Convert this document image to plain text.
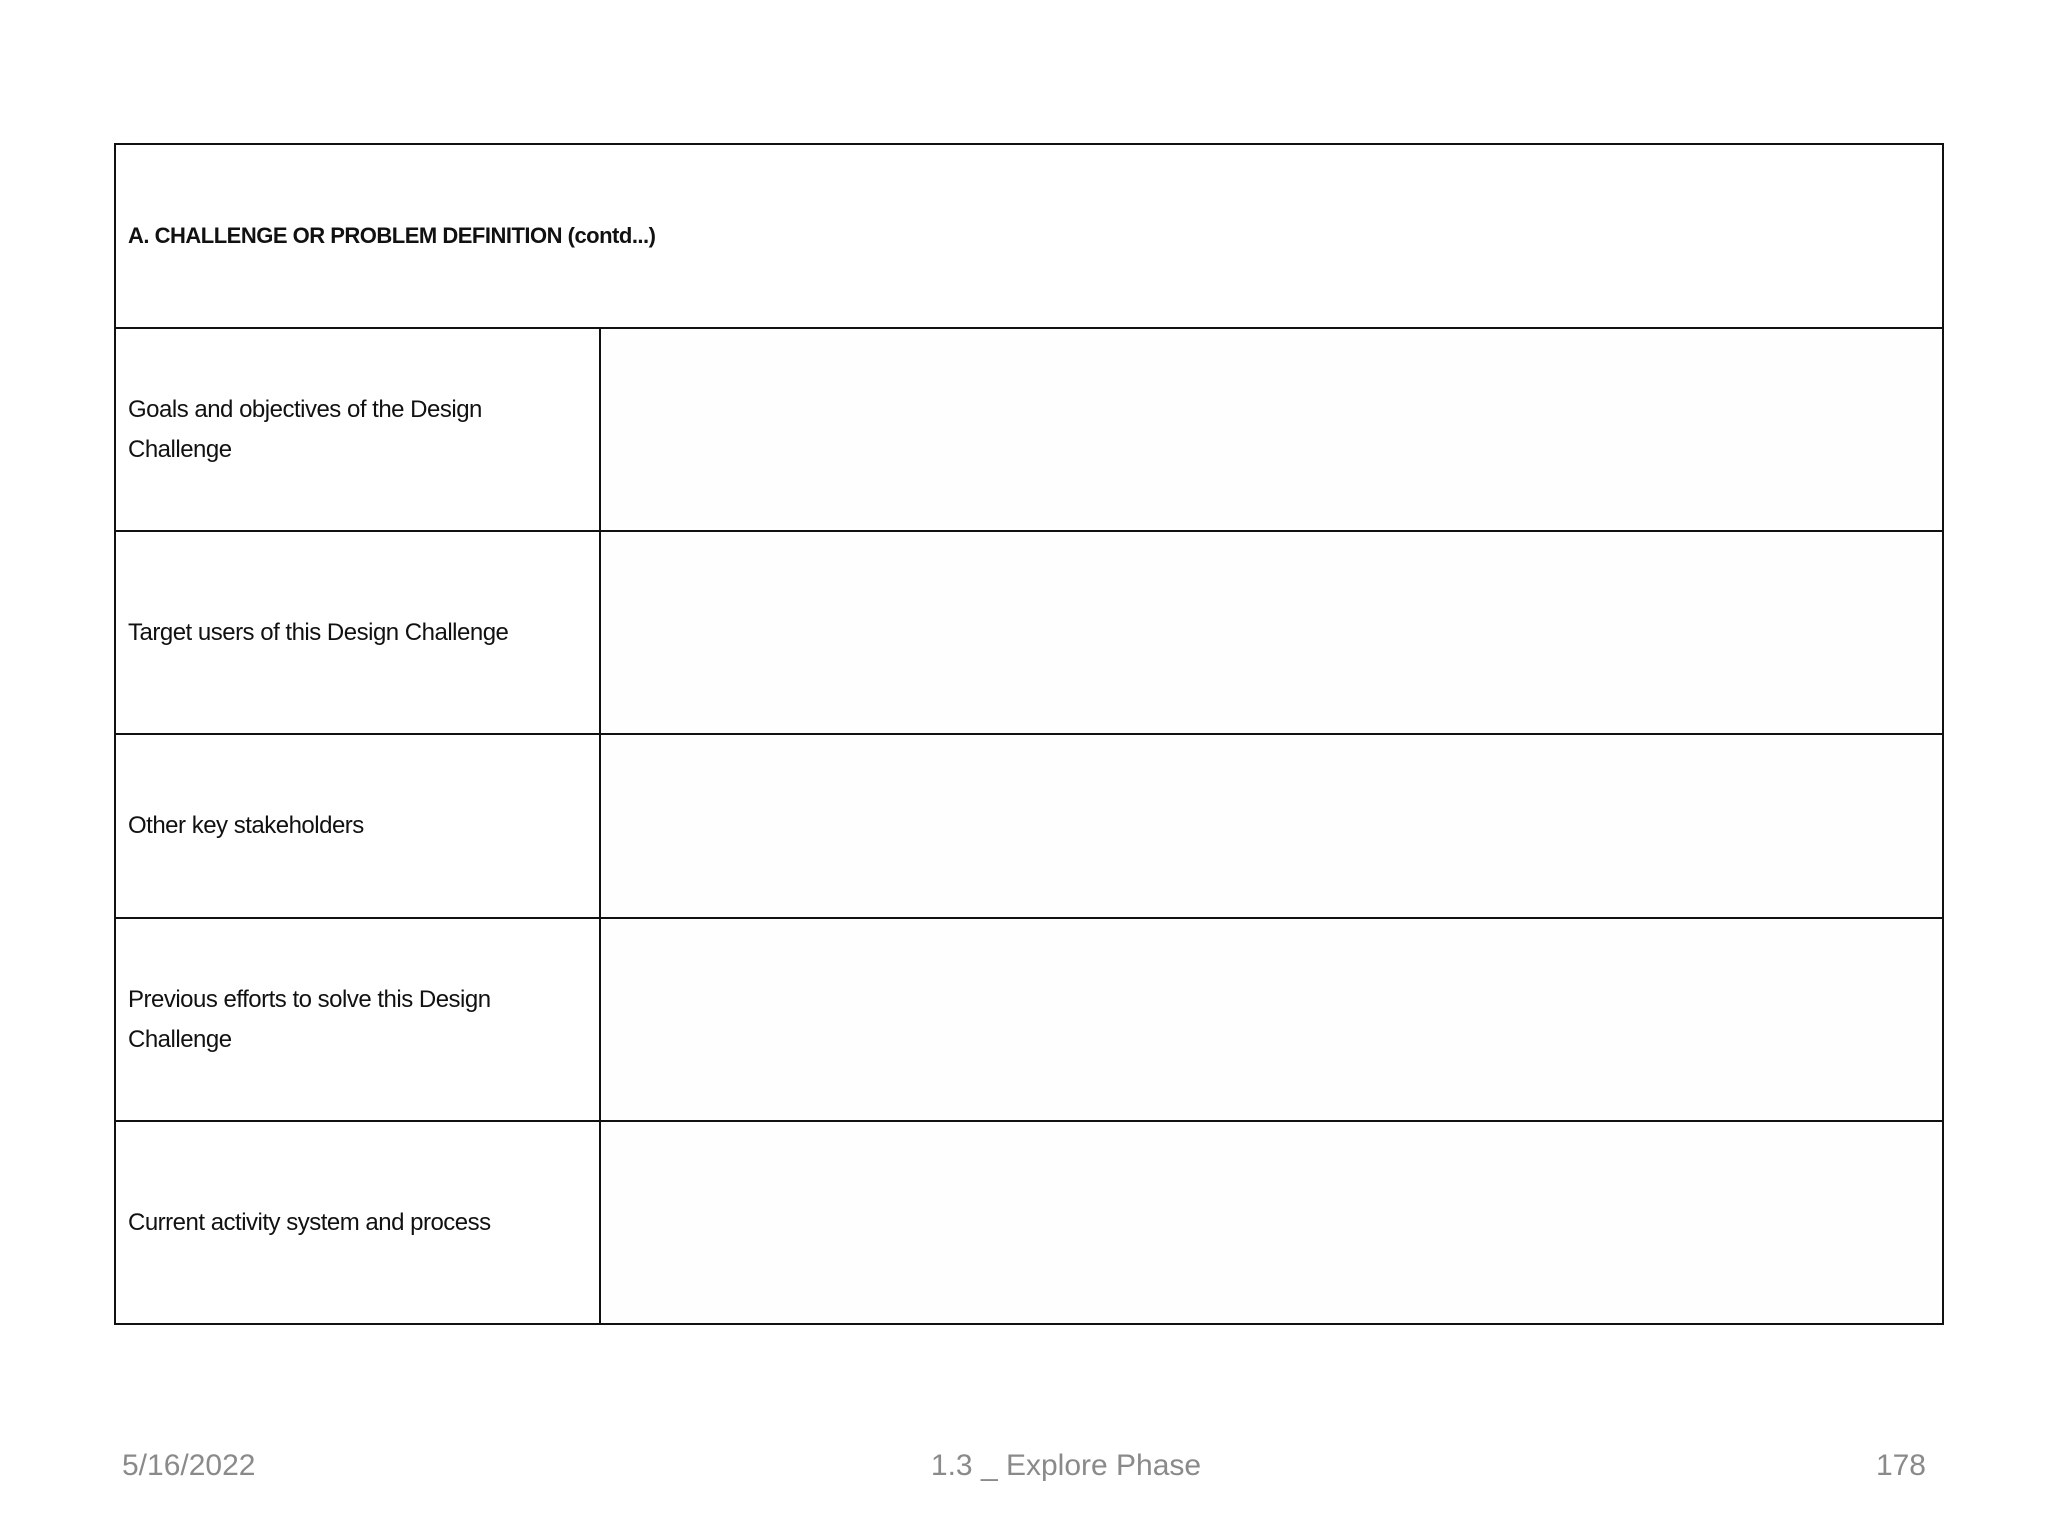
A. CHALLENGE OR PROBLEM DEFINITION (contd...)
Goals and objectives of the Design Challenge
Target users of this Design Challenge
Other key stakeholders
Previous efforts to solve this Design Challenge
Current activity system and process
5/16/2022	1.3 _ Explore Phase	178
